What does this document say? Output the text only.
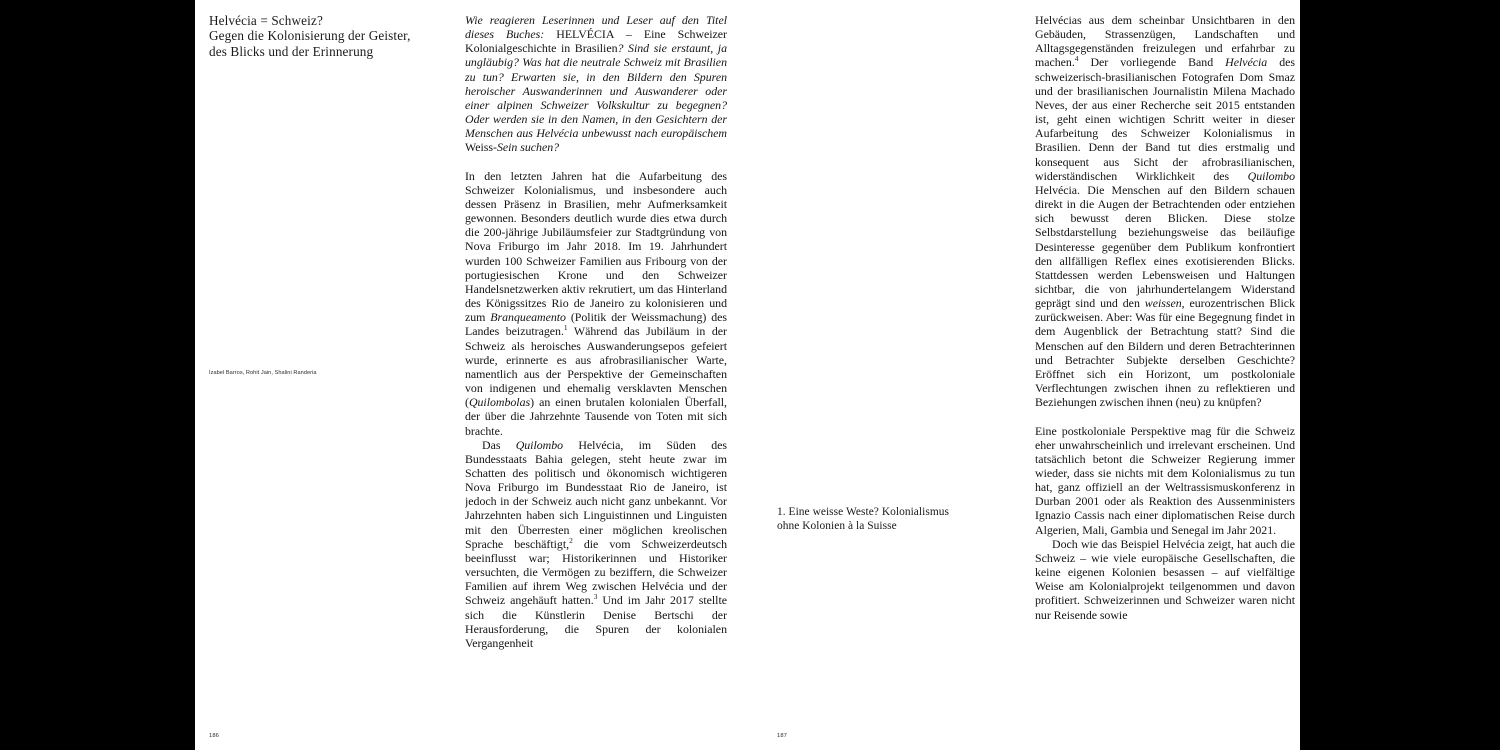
Helvécia = Schweiz?
Gegen die Kolonisierung der Geister,
des Blicks und der Erinnerung
Izabel Barros, Rohit Jain, Shalini Randeria
186

Wie reagieren Leserinnen und Leser auf den Titel dieses Buches: HELVÉCIA – Eine Schweizer Kolonialgeschichte in Brasilien? Sind sie erstaunt, ja ungläubig? Was hat die neutrale Schweiz mit Brasilien zu tun? Erwarten sie, in den Bildern den Spuren heroischer Auswanderinnen und Auswanderer oder einer alpinen Schweizer Volkskultur zu begegnen? Oder werden sie in den Namen, in den Gesichtern der Menschen aus Helvécia unbewusst nach europäischem Weiss-Sein suchen?

In den letzten Jahren hat die Aufarbeitung des Schweizer Kolonialismus, und insbesondere auch dessen Präsenz in Brasilien, mehr Aufmerksamkeit gewonnen. Besonders deutlich wurde dies etwa durch die 200-jährige Jubiläumsfeier zur Stadtgründung von Nova Friburgo im Jahr 2018. Im 19. Jahrhundert wurden 100 Schweizer Familien aus Fribourg von der portugiesischen Krone und den Schweizer Handelsnetzwerken aktiv rekrutiert, um das Hinterland des Königssitzes Rio de Janeiro zu kolonisieren und zum Branqueamento (Politik der Weissmachung) des Landes beizutragen.$^1$ Während das Jubiläum in der Schweiz als heroisches Auswanderungsepos gefeiert wurde, erinnerte es aus afrobrasilianischer Warte, namentlich aus der Perspektive der Gemeinschaften von indigenen und ehemalig versklavten Menschen (Quilombolas) an einen brutalen kolonialen Überfall, der über die Jahrzehnte Tausende von Toten mit sich brachte.

Das Quilombo Helvécia, im Süden des Bundesstaats Bahia gelegen, steht heute zwar im Schatten des politisch und ökonomisch wichtigeren Nova Friburgo im Bundesstaat Rio de Janeiro, ist jedoch in der Schweiz auch nicht ganz unbekannt. Vor Jahrzehnten haben sich Linguistinnen und Linguisten mit den Überresten einer möglichen kreolischen Sprache beschäftigt,$^2$ die vom Schweizerdeutsch beeinflusst war; Historikerinnen und Historiker versuchten, die Vermögen zu beziffern, die Schweizer Familien auf ihrem Weg zwischen Helvécia und der Schweiz angehäuft hatten.$^3$ Und im Jahr 2017 stellte sich die Künstlerin Denise Bertschi der Herausforderung, die Spuren der kolonialen Vergangenheit

1. Eine weisse Weste? Kolonialismus
ohne Kolonien à la Suisse
187

Helvécias aus dem scheinbar Unsichtbaren in den Gebäuden, Strassenzügen, Landschaften und Alltagsgegenständen freizulegen und erfahrbar zu machen.$^4$ Der vorliegende Band Helvécia des schweizerisch-brasilianischen Fotografen Dom Smaz und der brasilianischen Journalistin Milena Machado Neves, der aus einer Recherche seit 2015 entstanden ist, geht einen wichtigen Schritt weiter in dieser Aufarbeitung des Schweizer Kolonialismus in Brasilien. Denn der Band tut dies erstmalig und konsequent aus Sicht der afrobrasilianischen, widerständischen Wirklichkeit des Quilombo Helvécia. Die Menschen auf den Bildern schauen direkt in die Augen der Betrachtenden oder entziehen sich bewusst deren Blicken. Diese stolze Selbstdarstellung beziehungsweise das beiläufige Desinteresse gegenüber dem Publikum konfrontiert den allfälligen Reflex eines exotisierenden Blicks. Stattdessen werden Lebensweisen und Haltungen sichtbar, die von jahrhundertelangem Widerstand geprägt sind und den weissen, eurozentrischen Blick zurückweisen. Aber: Was für eine Begegnung findet in dem Augenblick der Betrachtung statt? Sind die Menschen auf den Bildern und deren Betrachterinnen und Betrachter Subjekte derselben Geschichte? Eröffnet sich ein Horizont, um postkoloniale Verflechtungen zwischen ihnen zu reflektieren und Beziehungen zwischen ihnen (neu) zu knüpfen?

Eine postkoloniale Perspektive mag für die Schweiz eher unwahrscheinlich und irrelevant erscheinen. Und tatsächlich betont die Schweizer Regierung immer wieder, dass sie nichts mit dem Kolonialismus zu tun hat, ganz offiziell an der Weltrassismuskonferenz in Durban 2001 oder als Reaktion des Aussenministers Ignazio Cassis nach einer diplomatischen Reise durch Algerien, Mali, Gambia und Senegal im Jahr 2021.

Doch wie das Beispiel Helvécia zeigt, hat auch die Schweiz – wie viele europäische Gesellschaften, die keine eigenen Kolonien besassen – auf vielfältige Weise am Kolonialprojekt teilgenommen und davon profitiert. Schweizerinnen und Schweizer waren nicht nur Reisende sowie
